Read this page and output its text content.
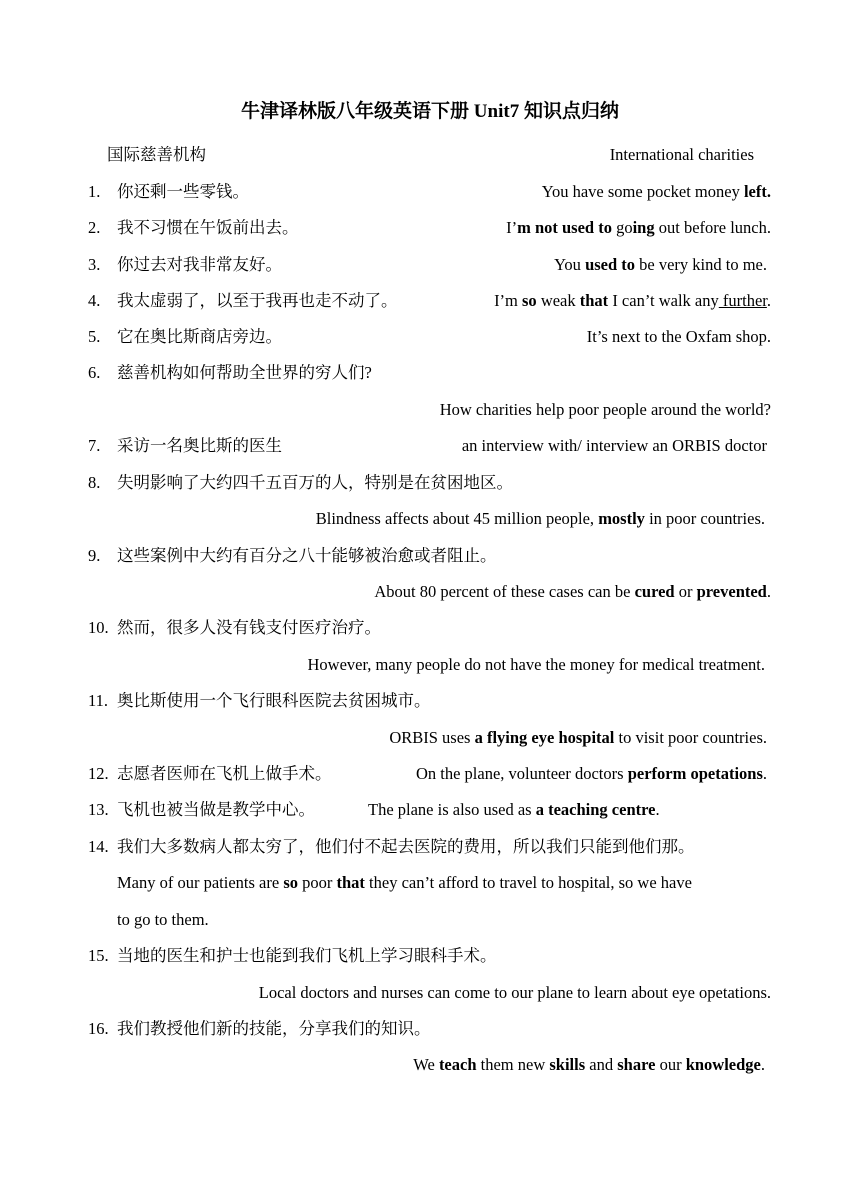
牛津译林版八年级英语下册 Unit7 知识点归纳
国际慈善机构	International charities
1. 你还剩一些零钱。	You have some pocket money left.
2. 我不习惯在午饭前出去。	I’m not used to going out before lunch.
3. 你过去对我非常友好。	You used to be very kind to me.
4. 我太虚弱了，以至于我再也走不动了。	I’m so weak that I can’t walk any further.
5. 它在奥比斯商店旁边。	It’s next to the Oxfam shop.
6. 慈善机构如何帮助全世界的穷人们?
How charities help poor people around the world?
7. 采访一名奥比斯的医生	an interview with/ interview an ORBIS doctor
8. 失明影响了大约四千五百万的人，特别是在贫困地区。
Blindness affects about 45 million people, mostly in poor countries.
9. 这些案例中大约有百分之八十能够被治愈或者阻止。
About 80 percent of these cases can be cured or prevented.
10. 然而，很多人没有钱支付医疗治疗。
However, many people do not have the money for medical treatment.
11. 奥比斯使用一个飞行眼科医院去贫困城市。
ORBIS uses a flying eye hospital to visit poor countries.
12. 志愿者医师在飞机上做手术。	On the plane, volunteer doctors perform opetations.
13. 飞机也被当做是教学中心。	The plane is also used as a teaching centre.
14. 我们大多数病人都太穷了，他们付不起去医院的费用，所以我们只能到他们那。
Many of our patients are so poor that they can’t afford to travel to hospital, so we have
to go to them.
15. 当地的医生和护士也能到我们飞机上学习眼科手术。
Local doctors and nurses can come to our plane to learn about eye opetations.
16. 我们教授他们新的技能，分享我们的知识。
We teach them new skills and share our knowledge.
